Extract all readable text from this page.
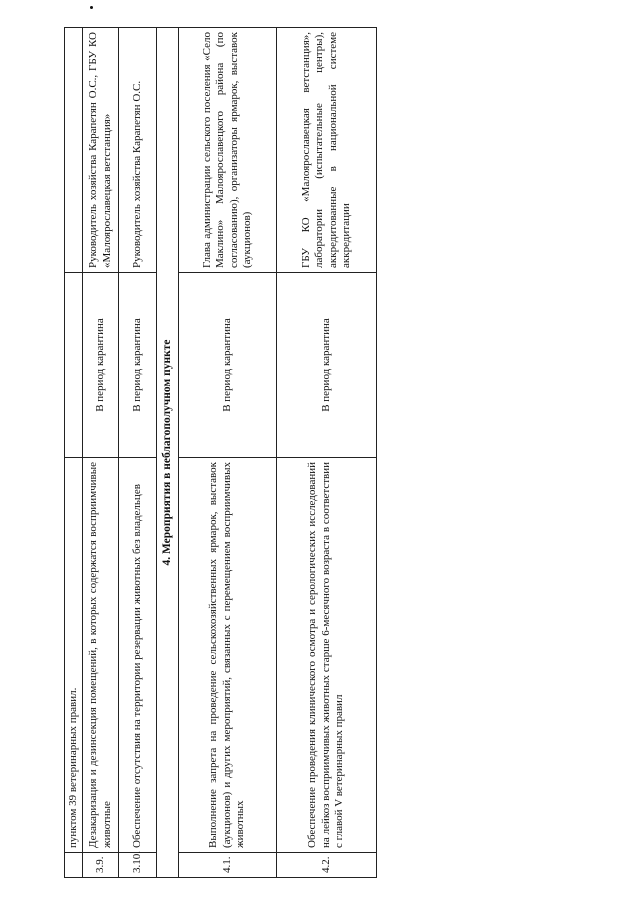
	пунктом 39 ветеринарных правил.		
3.9.	Дезакаризация и дезинсекция помещений, в которых содержатся восприимчивые животные	В период карантина	Руководитель хозяйства Карапетян О.С., ГБУ КО «Малоярославецкая ветстанция»
3.10.	Обеспечение отсутствия на территории резервации животных без владельцев	В период карантина	Руководитель хозяйства Карапетян О.С.
4. Мероприятия в неблагополучном пункте			
4.1.	Выполнение запрета на проведение сельскохозяйственных ярмарок, выставок (аукционов) и других мероприятий, связанных с перемещением восприимчивых животных	В период карантина	Глава администрации сельского поселения «Село Маклино» Малоярославецкого района (по согласованию), организаторы ярмарок, выставок (аукционов)
4.2.	Обеспечение проведения клинического осмотра и серологических исследований на лейкоз восприимчивых животных старше 6-месячного возраста в соответствии с главой V ветеринарных правил	В период карантина	ГБУ КО «Малоярославецкая ветстанция», лаборатории (испытательные центры), аккредитованные в национальной системе аккредитации
